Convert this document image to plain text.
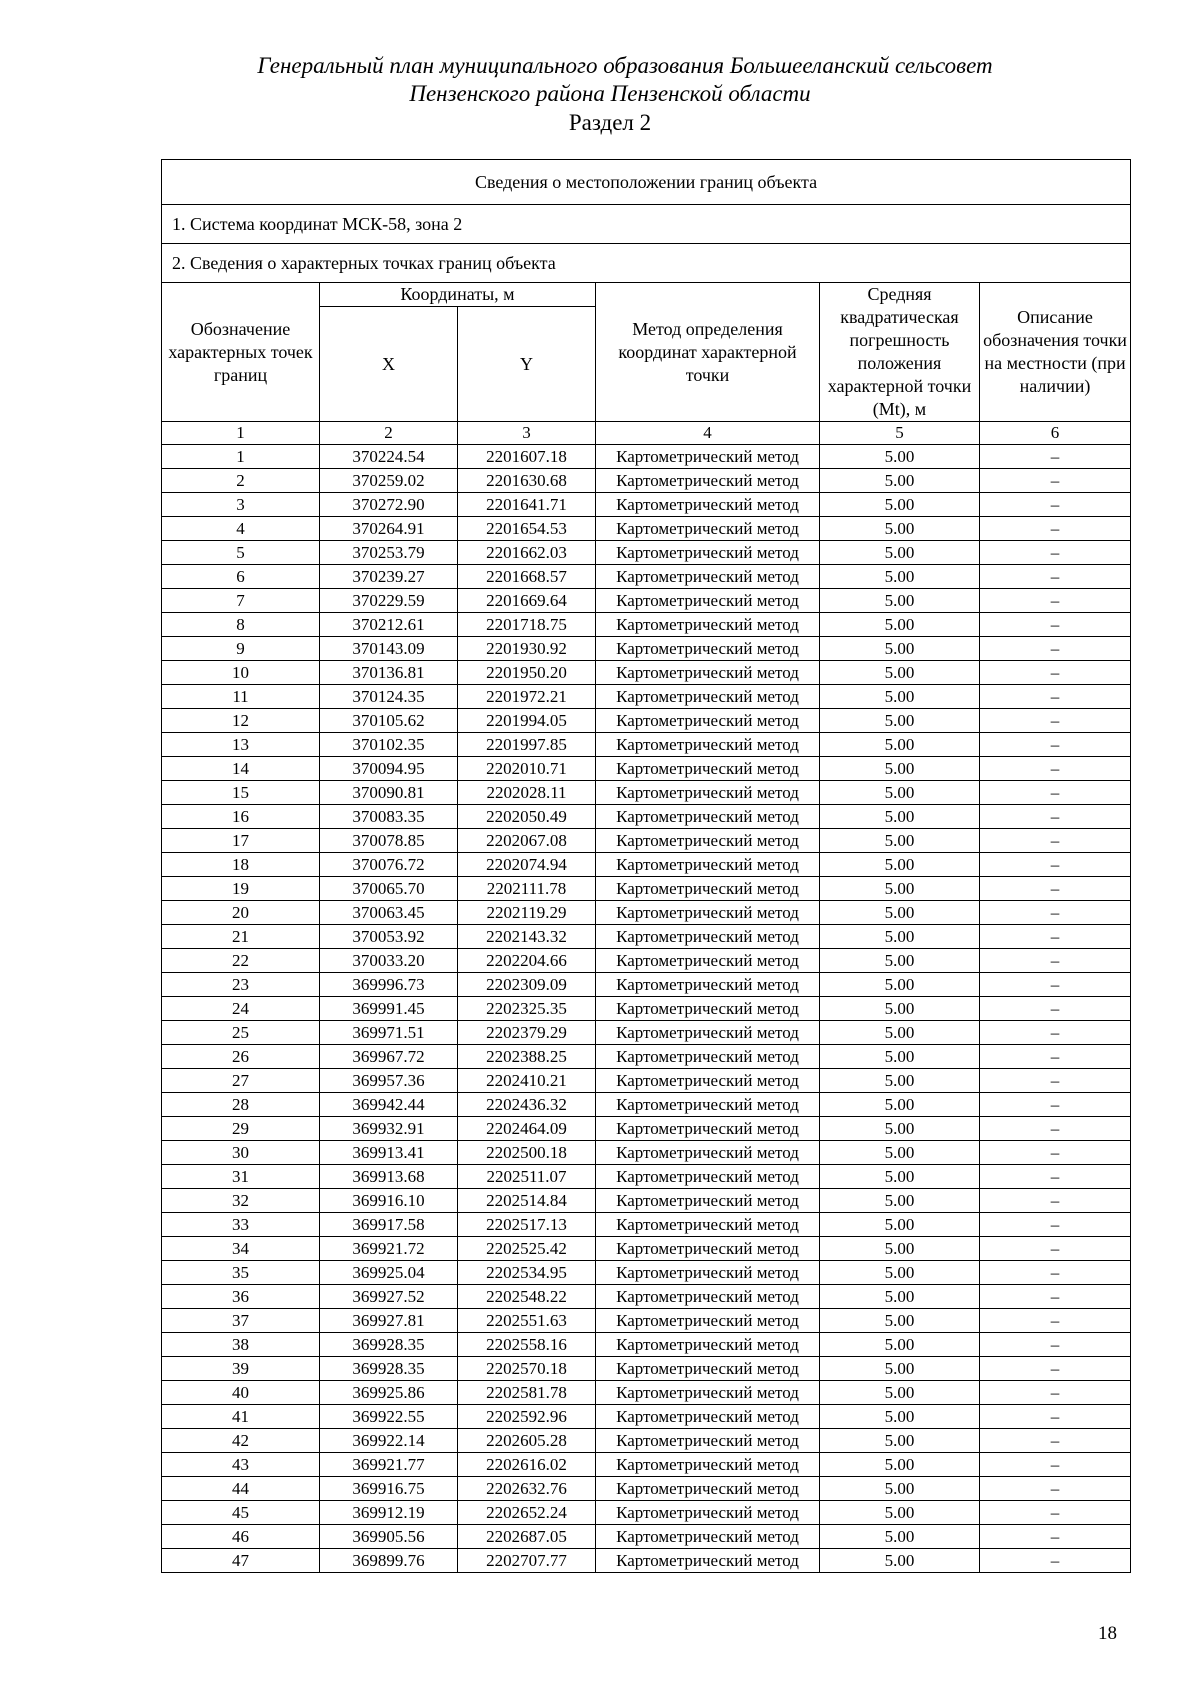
Генеральный план муниципального образования Большееланский сельсовет
Пензенского района Пензенской области
Раздел 2
Сведения о местоположении границ объекта					
1. Система координат МСК-58, зона 2					
2. Сведения о характерных точках границ объекта					
Обозначение характерных точек границ	Координаты, м		Метод определения координат характерной точки	Средняя квадратическая погрешность положения характерной точки (Mt), м	Описание обозначения точки на местности (при наличии)
	X	Y			
1	2	3	4	5	6
1	370224.54	2201607.18	Картометрический метод	5.00	–
2	370259.02	2201630.68	Картометрический метод	5.00	–
3	370272.90	2201641.71	Картометрический метод	5.00	–
4	370264.91	2201654.53	Картометрический метод	5.00	–
5	370253.79	2201662.03	Картометрический метод	5.00	–
6	370239.27	2201668.57	Картометрический метод	5.00	–
7	370229.59	2201669.64	Картометрический метод	5.00	–
8	370212.61	2201718.75	Картометрический метод	5.00	–
9	370143.09	2201930.92	Картометрический метод	5.00	–
10	370136.81	2201950.20	Картометрический метод	5.00	–
11	370124.35	2201972.21	Картометрический метод	5.00	–
12	370105.62	2201994.05	Картометрический метод	5.00	–
13	370102.35	2201997.85	Картометрический метод	5.00	–
14	370094.95	2202010.71	Картометрический метод	5.00	–
15	370090.81	2202028.11	Картометрический метод	5.00	–
16	370083.35	2202050.49	Картометрический метод	5.00	–
17	370078.85	2202067.08	Картометрический метод	5.00	–
18	370076.72	2202074.94	Картометрический метод	5.00	–
19	370065.70	2202111.78	Картометрический метод	5.00	–
20	370063.45	2202119.29	Картометрический метод	5.00	–
21	370053.92	2202143.32	Картометрический метод	5.00	–
22	370033.20	2202204.66	Картометрический метод	5.00	–
23	369996.73	2202309.09	Картометрический метод	5.00	–
24	369991.45	2202325.35	Картометрический метод	5.00	–
25	369971.51	2202379.29	Картометрический метод	5.00	–
26	369967.72	2202388.25	Картометрический метод	5.00	–
27	369957.36	2202410.21	Картометрический метод	5.00	–
28	369942.44	2202436.32	Картометрический метод	5.00	–
29	369932.91	2202464.09	Картометрический метод	5.00	–
30	369913.41	2202500.18	Картометрический метод	5.00	–
31	369913.68	2202511.07	Картометрический метод	5.00	–
32	369916.10	2202514.84	Картометрический метод	5.00	–
33	369917.58	2202517.13	Картометрический метод	5.00	–
34	369921.72	2202525.42	Картометрический метод	5.00	–
35	369925.04	2202534.95	Картометрический метод	5.00	–
36	369927.52	2202548.22	Картометрический метод	5.00	–
37	369927.81	2202551.63	Картометрический метод	5.00	–
38	369928.35	2202558.16	Картометрический метод	5.00	–
39	369928.35	2202570.18	Картометрический метод	5.00	–
40	369925.86	2202581.78	Картометрический метод	5.00	–
41	369922.55	2202592.96	Картометрический метод	5.00	–
42	369922.14	2202605.28	Картометрический метод	5.00	–
43	369921.77	2202616.02	Картометрический метод	5.00	–
44	369916.75	2202632.76	Картометрический метод	5.00	–
45	369912.19	2202652.24	Картометрический метод	5.00	–
46	369905.56	2202687.05	Картометрический метод	5.00	–
47	369899.76	2202707.77	Картометрический метод	5.00	–
18
